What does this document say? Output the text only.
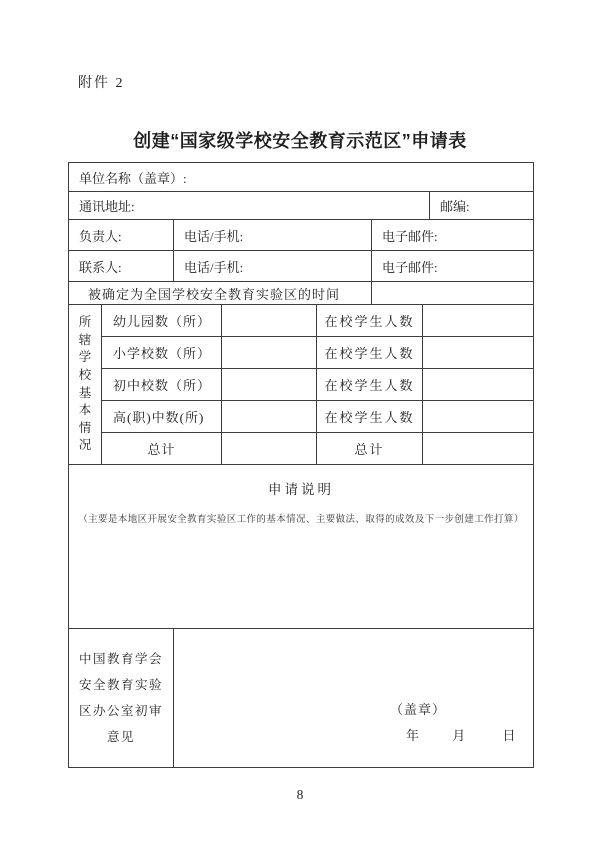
附件 2
创建“国家级学校安全教育示范区”申请表
单位名称（盖章）:
通讯地址:	邮编:
负责人:	电话/手机:	电子邮件:
联系人:	电话/手机:	电子邮件:
被确定为全国学校安全教育实验区的时间
所辖学校基本情况
幼儿园数（所）	在校学生人数
小学校数（所）	在校学生人数
初中校数（所）	在校学生人数
高(职)中数(所)	在校学生人数
总计	总计
申请说明
（主要是本地区开展安全教育实验区工作的基本情况、主要做法、取得的成效及下一步创建工作打算）
中国教育学会
安全教育实验
区办公室初审
意见
（盖章）
年	月	日
8
